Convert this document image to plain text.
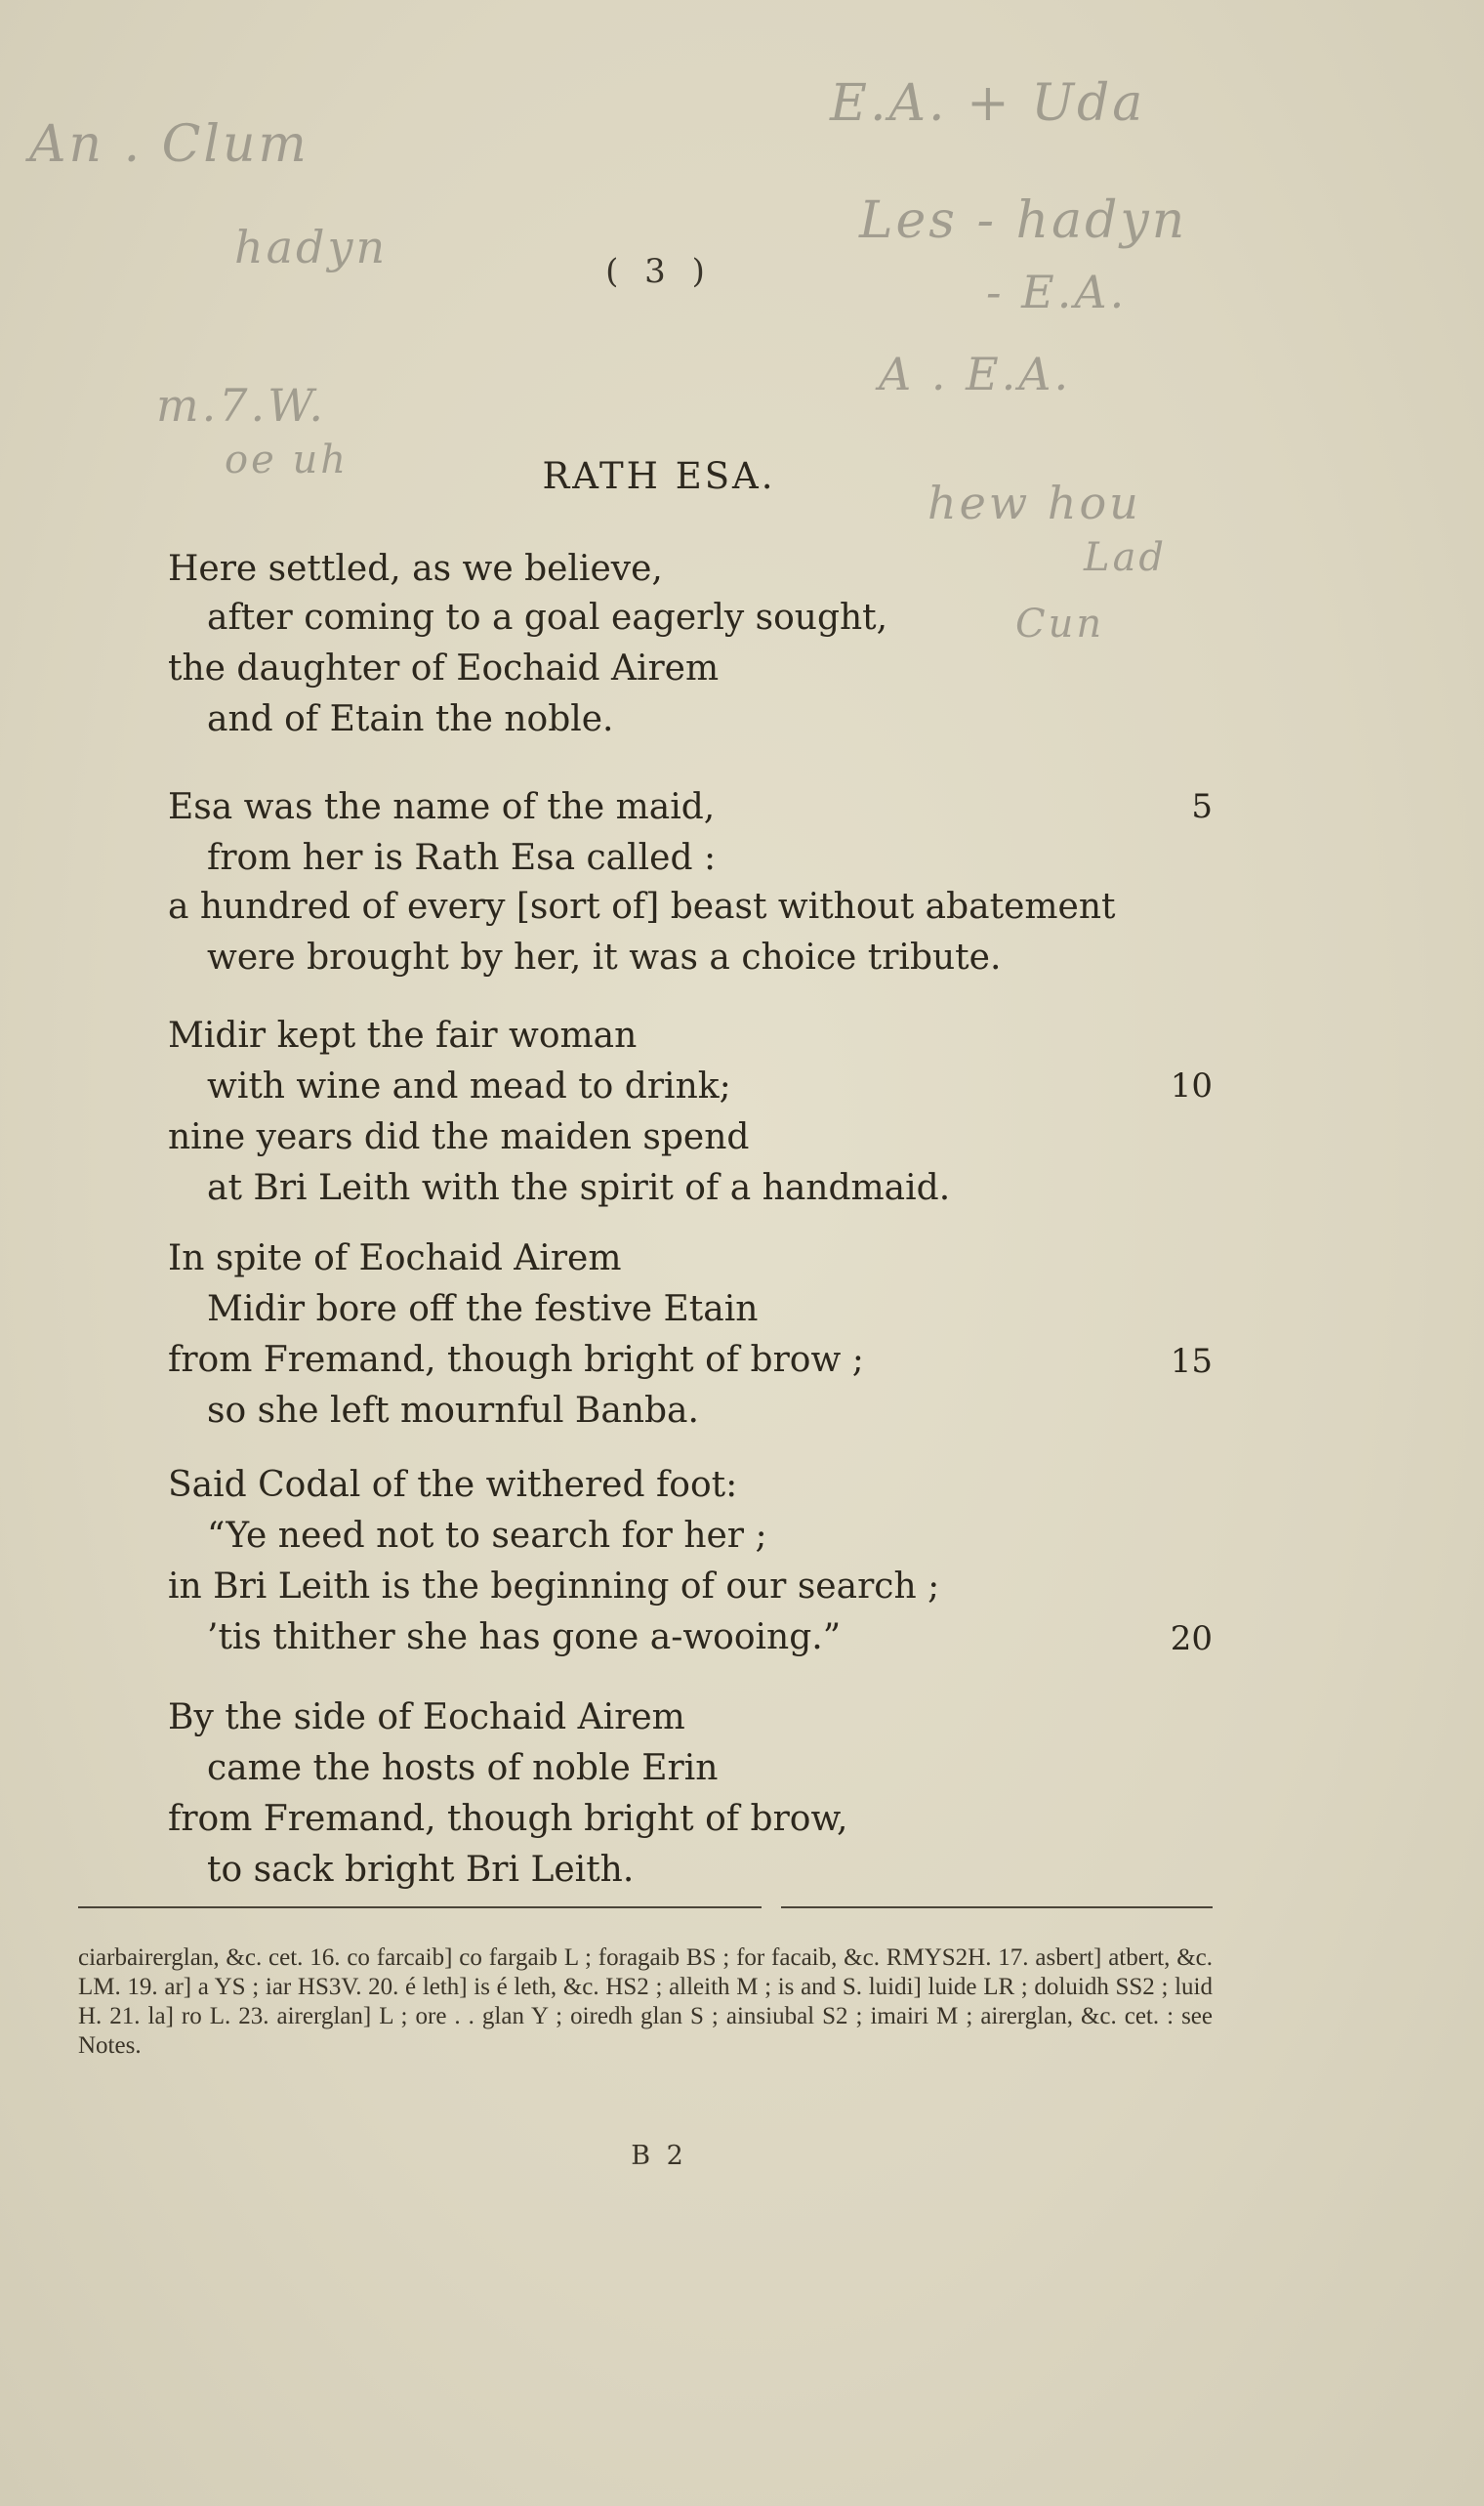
An . Clum
hadyn
m.7.W.
oe uh
E.A. + Uda
Les - hadyn
- E.A.
A . E.A.
hew hou
Lad
Cun
( 3 )
RATH ESA.
Here settled, as we believe,
after coming to a goal eagerly sought,
the daughter of Eochaid Airem
and of Etain the noble.
Esa was the name of the maid,
from her is Rath Esa called :
a hundred of every [sort of] beast without abatement
were brought by her, it was a choice tribute.
5
Midir kept the fair woman
with wine and mead to drink;
nine years did the maiden spend
at Bri Leith with the spirit of a handmaid.
10
In spite of Eochaid Airem
Midir bore off the festive Etain
from Fremand, though bright of brow ;
so she left mournful Banba.
15
Said Codal of the withered foot:
“Ye need not to search for her ;
in Bri Leith is the beginning of our search ;
’tis thither she has gone a-wooing.”	20
By the side of Eochaid Airem
came the hosts of noble Erin
from Fremand, though bright of brow,
to sack bright Bri Leith.
ciarbairerglan, &c. cet. 16. co farcaib] co fargaib L ; foragaib BS ; for facaib, &c. RMYS2H. 17. asbert] atbert, &c. LM. 19. ar] a YS ; iar HS3V. 20. é leth] is é leth, &c. HS2 ; alleith M ; is and S. luidi] luide LR ; doluidh SS2 ; luid H. 21. la] ro L. 23. airerglan] L ; ore . . glan Y ; oiredh glan S ; ainsiubal S2 ; imairi M ; airerglan, &c. cet. : see Notes.
B 2
